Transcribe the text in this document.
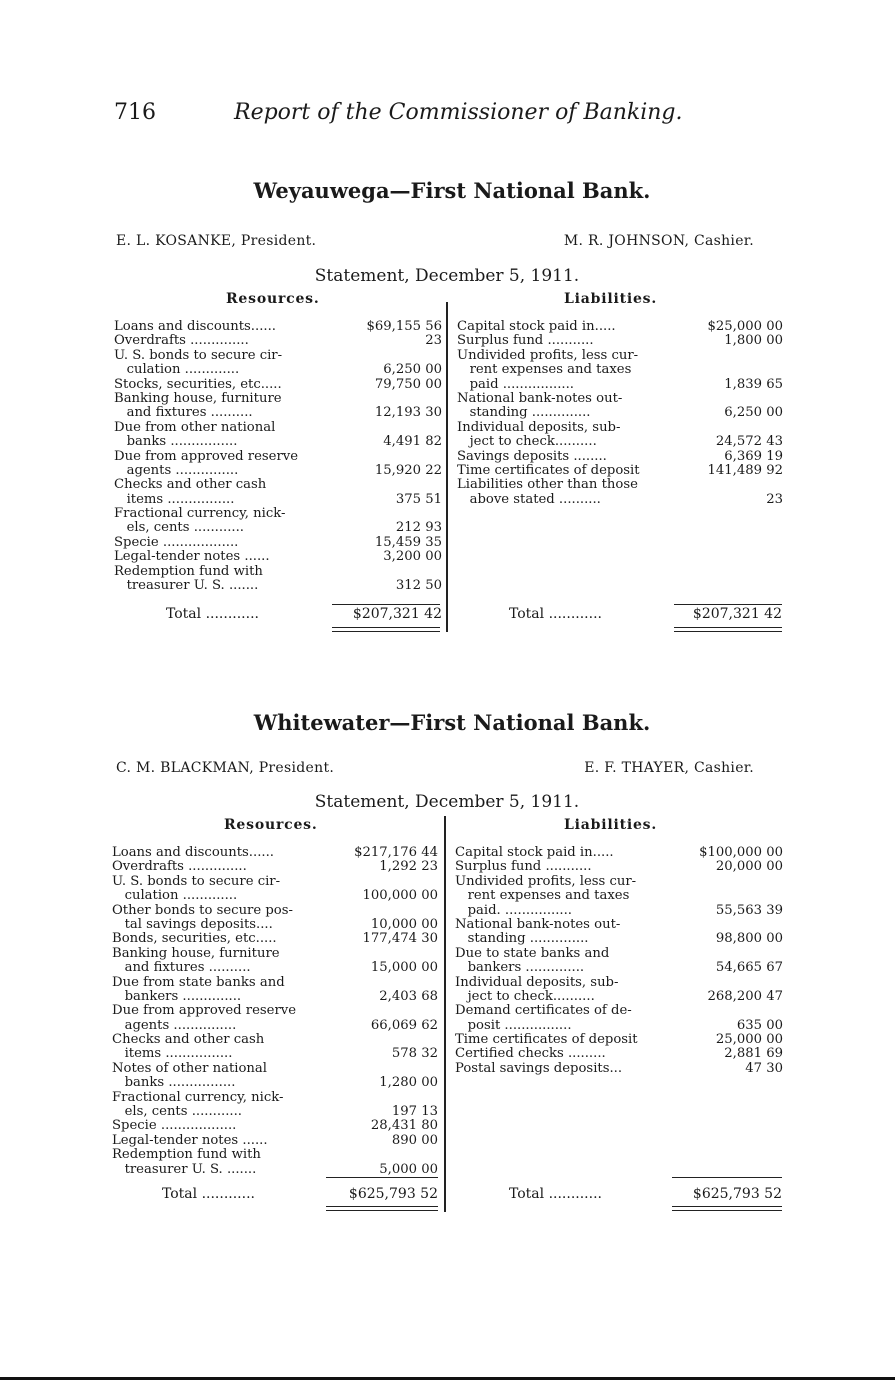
716	Report of the Commissioner of Banking.
Weyauwega—First National Bank.
E. L. KOSANKE, President.	M. R. JOHNSON, Cashier.
Statement, December 5, 1911.
Resources.	Liabilities.
Loans and discounts......	$69,155 56
Overdrafts ..............	23
U. S. bonds to secure cir-
culation .............	6,250 00
Stocks, securities, etc.....	79,750 00
Banking house, furniture
and fixtures ..........	12,193 30
Due from other national
banks ................	4,491 82
Due from approved reserve
agents ...............	15,920 22
Checks and other cash
items ................	375 51
Fractional currency, nick-
els, cents ............	212 93
Specie ..................	15,459 35
Legal-tender notes ......	3,200 00
Redemption fund with
treasurer U. S. .......	312 50
Capital stock paid in.....	$25,000 00
Surplus fund ...........	1,800 00
Undivided profits, less cur-
rent expenses and taxes
paid .................	1,839 65
National bank-notes out-
standing ..............	6,250 00
Individual deposits, sub-
ject to check..........	24,572 43
Savings deposits ........	6,369 19
Time certificates of deposit	141,489 92
Liabilities other than those
above stated ..........	23
Total ............	$207,321 42	Total ............	$207,321 42
Whitewater—First National Bank.
C. M. BLACKMAN, President.	E. F. THAYER, Cashier.
Statement, December 5, 1911.
Resources.	Liabilities.
Loans and discounts......	$217,176 44
Overdrafts ..............	1,292 23
U. S. bonds to secure cir-
culation .............	100,000 00
Other bonds to secure pos-
tal savings deposits....	10,000 00
Bonds, securities, etc.....	177,474 30
Banking house, furniture
and fixtures ..........	15,000 00
Due from state banks and
bankers ..............	2,403 68
Due from approved reserve
agents ...............	66,069 62
Checks and other cash
items ................	578 32
Notes of other national
banks ................	1,280 00
Fractional currency, nick-
els, cents ............	197 13
Specie ..................	28,431 80
Legal-tender notes ......	890 00
Redemption fund with
treasurer U. S. .......	5,000 00
Capital stock paid in.....	$100,000 00
Surplus fund ...........	20,000 00
Undivided profits, less cur-
rent expenses and taxes
paid. ................	55,563 39
National bank-notes out-
standing ..............	98,800 00
Due to state banks and
bankers ..............	54,665 67
Individual deposits, sub-
ject to check..........	268,200 47
Demand certificates of de-
posit ................	635 00
Time certificates of deposit	25,000 00
Certified checks .........	2,881 69
Postal savings deposits...	47 30
Total ............	$625,793 52	Total ............	$625,793 52
